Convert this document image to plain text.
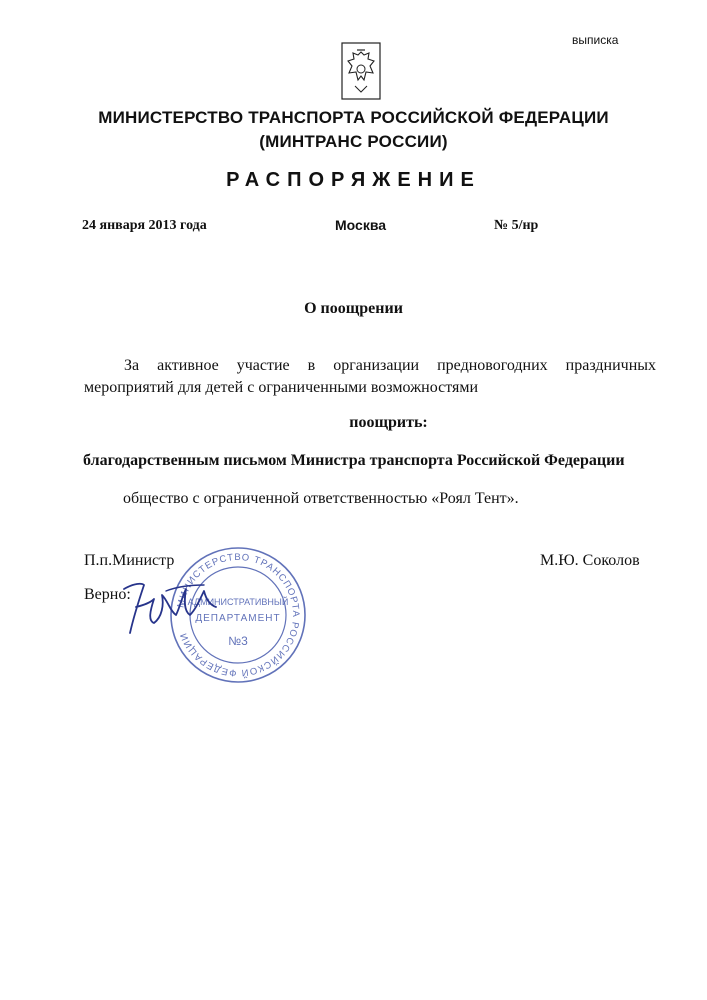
выписка
МИНИСТЕРСТВО ТРАНСПОРТА РОССИЙСКОЙ ФЕДЕРАЦИИ
(МИНТРАНС РОССИИ)
РАСПОРЯЖЕНИЕ
24 января 2013 года	Москва	№ 5/нр
О поощрении
За активное участие в организации предновогодних праздничных
мероприятий для детей с ограниченными возможностями
поощрить:
благодарственным письмом Министра транспорта Российской Федерации
общество с ограниченной ответственностью «Роял Тент».
П.п.Министр	М.Ю. Соколов
Верно:
МИНИСТЕРСТВО ТРАНСПОРТА РОССИЙСКОЙ ФЕДЕРАЦИИ
АДМИНИСТРАТИВНЫЙ
ДЕПАРТАМЕНТ
№3
